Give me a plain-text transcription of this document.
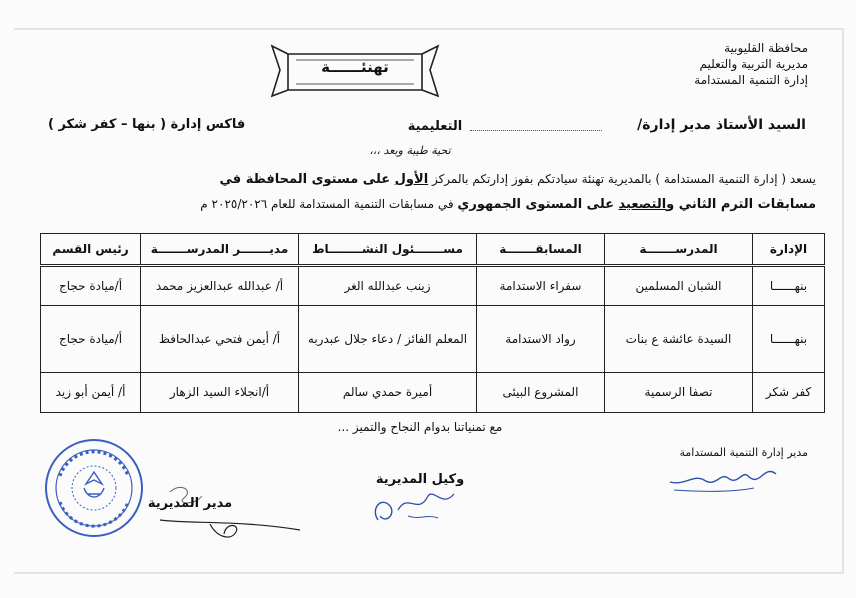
محافظة القليوبية
مديرية التربية والتعليم
إدارة التنمية المستدامة
تهنئــــــة
السيد الأستاذ مدير إدارة/
التعليمية
فاكس إدارة ( بنها – كفر شكر )
تحية طيبة وبعد ،،،
يسعد ( إدارة التنمية المستدامة ) بالمديرية تهنئة سيادتكم بفوز إدارتكم بالمركز الأول على مستوى المحافظة في
مسابقات الترم الثاني والتصعيد على المستوى الجمهوري في مسابقات التنمية المستدامة للعام ٢٠٢٥/٢٠٢٦ م
الإدارة	المدرســـــــة	المسابقـــــــة	مســـــــئول النشــــــــاط	مديـــــــر المدرســـــــة	رئيس القسم
بنهــــــا	الشبان المسلمين	سفراء الاستدامة	زينب عبدالله الغر	أ/ عبدالله عبدالعزيز محمد	أ/ميادة حجاج
بنهــــــا	السيدة عائشة ع بنات	رواد الاستدامة	المعلم الفائز / دعاء جلال عبدربه	أ/ أيمن فتحي عبدالحافظ	أ/ميادة حجاج
كفر شكر	تصفا الرسمية	المشروع البيئى	أميرة حمدي سالم	أ/انجلاء السيد الزهار	أ/ أيمن أبو زيد
مع تمنياتنا بدوام النجاح والتميز ...
مدير إدارة التنمية المستدامة
وكيل المديرية
مدير المديرية
